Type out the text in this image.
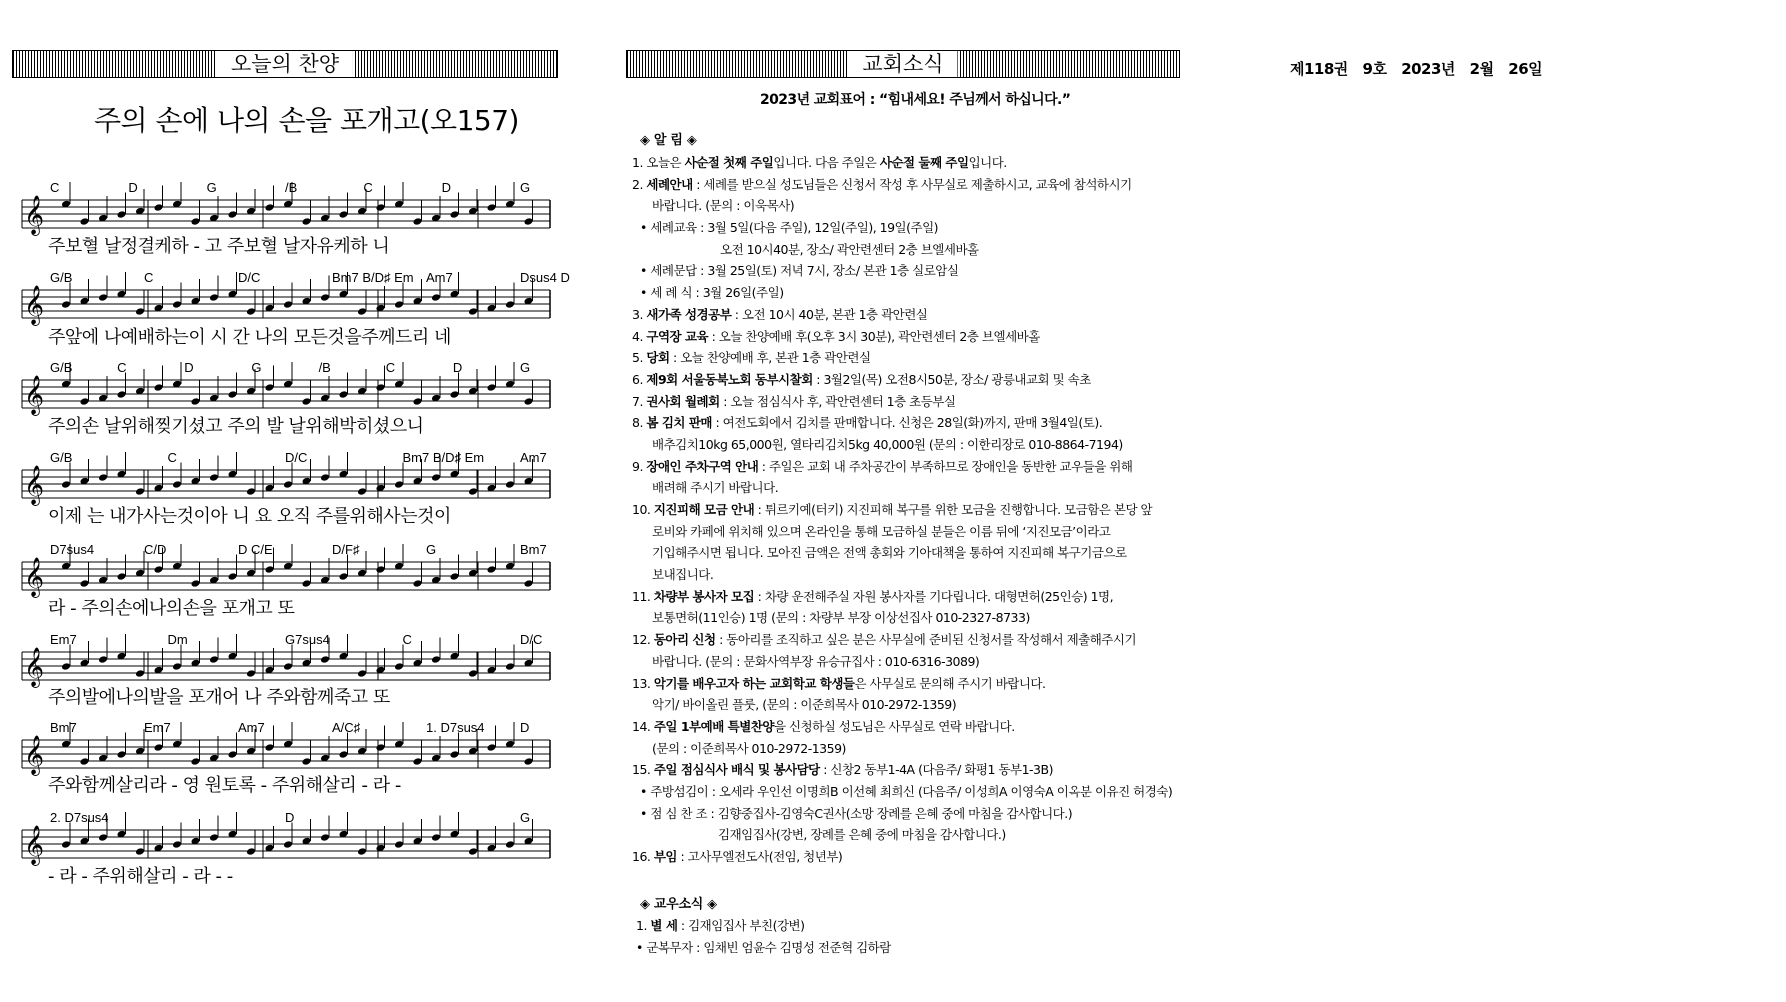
오늘의 찬양	교회소식	제118권 9호 2023년 2월 26일
주의 손에 나의 손을 포개고(오157)
𝄞
C	D	G	/B	C	D	G
𝄞
G/B	C	D/C	Bm7 B/D♯ Em Am7	Dsus4 D
𝄞
G/B	C	D	G	/B	C	D	G
𝄞
G/B	C	D/C	Bm7 B/D♯ Em	Am7
𝄞
D7sus4	C/D	D C/E	D/F♯	G	Bm7
𝄞
Em7	Dm	G7sus4	C	D/C
𝄞
Bm7	Em7	Am7	A/C♯	1. D7sus4	D
𝄞
2. D7sus4	D	G
주보혈 날정결케하 - 고 주보혈 날자유케하 니
주앞에 나예배하는이 시 간 나의 모든것을주께드리 네
주의손 날위해찢기셨고 주의 발 날위해박히셨으니
이제 는 내가사는것이아 니 요 오직 주를위해사는것이
라 - 주의손에나의손을 포개고 또
주의발에나의발을 포개어 나 주와함께죽고 또
주와함께살리라 - 영 원토록 - 주위해살리 - 라 -
- 라 - 주위해살리 - 라 - -
2023년 교회표어 : “힘내세요! 주님께서 하십니다.”
◈ 알 림 ◈
1. 오늘은 사순절 첫째 주일입니다. 다음 주일은 사순절 둘째 주일입니다.
2. 세례안내 : 세례를 받으실 성도님들은 신청서 작성 후 사무실로 제출하시고, 교육에 참석하시기
바랍니다. (문의 : 이욱목사)
• 세례교육 : 3월 5일(다음 주일), 12일(주일), 19일(주일)
오전 10시40분, 장소/ 곽안련센터 2층 브엘세바홀
• 세례문답 : 3월 25일(토) 저녁 7시, 장소/ 본관 1층 실로암실
• 세 례 식 : 3월 26일(주일)
3. 새가족 성경공부 : 오전 10시 40분, 본관 1층 곽안련실
4. 구역장 교육 : 오늘 찬양예배 후(오후 3시 30분), 곽안련센터 2층 브엘세바홀
5. 당회 : 오늘 찬양예배 후, 본관 1층 곽안련실
6. 제9회 서울동북노회 동부시찰회 : 3월2일(목) 오전8시50분, 장소/ 광릉내교회 및 속초
7. 권사회 월례회 : 오늘 점심식사 후, 곽안련센터 1층 초등부실
8. 봄 김치 판매 : 여전도회에서 김치를 판매합니다. 신청은 28일(화)까지, 판매 3월4일(토).
배추김치10kg 65,000원, 열타리김치5kg 40,000원 (문의 : 이한리장로 010-8864-7194)
9. 장애인 주차구역 안내 : 주일은 교회 내 주차공간이 부족하므로 장애인을 동반한 교우들을 위해
배려해 주시기 바랍니다.
10. 지진피해 모금 안내 : 튀르키예(터키) 지진피해 복구를 위한 모금을 진행합니다. 모금함은 본당 앞
로비와 카페에 위치해 있으며 온라인을 통해 모금하실 분들은 이름 뒤에 ‘지진모금’이라고
기입해주시면 됩니다. 모아진 금액은 전액 총회와 기아대책을 통하여 지진피해 복구기금으로
보내집니다.
11. 차량부 봉사자 모집 : 차량 운전해주실 자원 봉사자를 기다립니다. 대형면허(25인승) 1명,
보통면허(11인승) 1명 (문의 : 차량부 부장 이상선집사 010-2327-8733)
12. 동아리 신청 : 동아리를 조직하고 싶은 분은 사무실에 준비된 신청서를 작성해서 제출해주시기
바랍니다. (문의 : 문화사역부장 유승규집사 : 010-6316-3089)
13. 악기를 배우고자 하는 교회학교 학생들은 사무실로 문의해 주시기 바랍니다.
악기/ 바이올린 플룻, (문의 : 이준희목사 010-2972-1359)
14. 주일 1부예배 특별찬양을 신청하실 성도님은 사무실로 연락 바랍니다.
(문의 : 이준희목사 010-2972-1359)
15. 주일 점심식사 배식 및 봉사담당 : 신창2 동부1-4A (다음주/ 화평1 동부1-3B)
• 주방섬김이 : 오세라 우인선 이명희B 이선혜 최희신 (다음주/ 이성희A 이영숙A 이옥분 이유진 허경숙)
• 점 심 찬 조 : 김향중집사-김영숙C권사(소망 장례를 은혜 중에 마침을 감사합니다.)
김재임집사(강변, 장례를 은혜 중에 마침을 감사합니다.)
16. 부임 : 고사무엘전도사(전임, 청년부)
◈ 교우소식 ◈
1. 별 세 : 김재임집사 부친(강변)
• 군복무자 : 임채빈 엄윤수 김명성 전준혁 김하람
